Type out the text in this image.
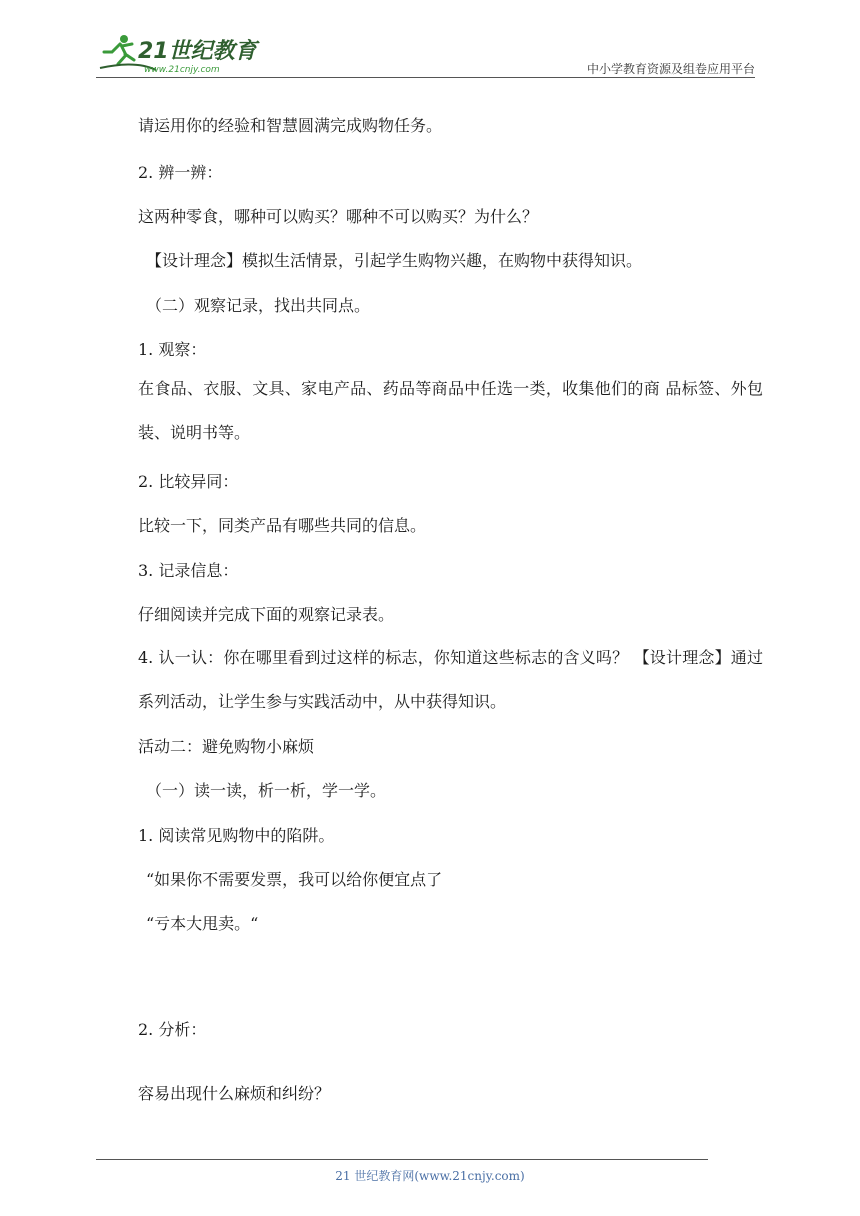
21世纪教育
www.21cnjy.com	中小学教育资源及组卷应用平台
请运用你的经验和智慧圆满完成购物任务。
2. 辨一辨：
这两种零食，哪种可以购买？哪种不可以购买？为什么？
【设计理念】模拟生活情景，引起学生购物兴趣，在购物中获得知识。
（二）观察记录，找出共同点。
1. 观察：
在食品、衣服、文具、家电产品、药品等商品中任选一类，收集他们的商 品标签、外包装、说明书等。
2. 比较异同：
比较一下，同类产品有哪些共同的信息。
3. 记录信息：
仔细阅读并完成下面的观察记录表。
4. 认一认：你在哪里看到过这样的标志，你知道这些标志的含义吗？ 【设计理念】通过系列活动，让学生参与实践活动中，从中获得知识。
活动二：避免购物小麻烦
（一）读一读，析一析，学一学。
1. 阅读常见购物中的陷阱。
“如果你不需要发票，我可以给你便宜点了
“亏本大甩卖。“
2. 分析：
容易出现什么麻烦和纠纷？
21 世纪教育网(www.21cnjy.com)
